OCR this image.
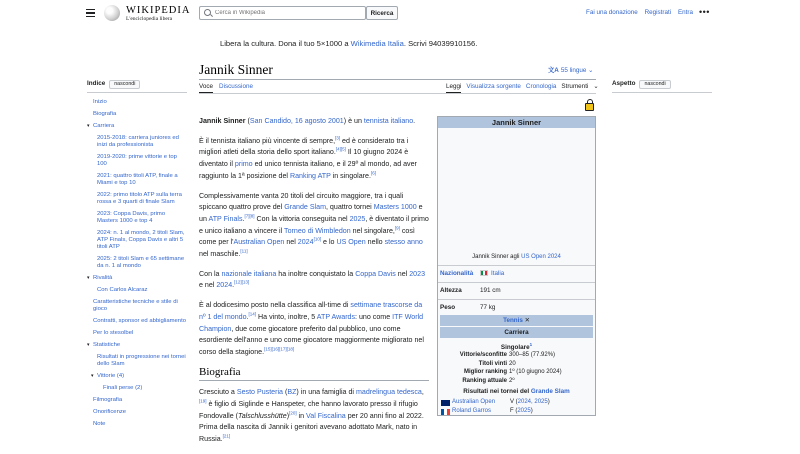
WIKIPEDIA
L'enciclopedia libera
Cerca in Wikipedia
Ricerca	Fai una donazione Registrati Entra •••
Libera la cultura. Dona il tuo 5×1000 a Wikimedia Italia. Scrivi 94039910156.
Indice nascondi
Inizio
Biografia
▾ Carriera
2015-2018: carriera juniores ed inizi da professionista
2019-2020: prime vittorie e top 100
2021: quattro titoli ATP, finale a Miami e top 10
2022: primo titolo ATP sulla terra rossa e 3 quarti di finale Slam
2023: Coppa Davis, primo Masters 1000 e top 4
2024: n. 1 al mondo, 2 titoli Slam, ATP Finals, Coppa Davis e altri 5 titoli ATP
2025: 2 titoli Slam e 65 settimane da n. 1 al mondo
▾ Rivalità
Con Carlos Alcaraz
Caratteristiche tecniche e stile di gioco
Contratti, sponsor ed abbigliamento
Per lo stesolbel
▾ Statistiche
Risultati in progressione nei tornei dello Slam
▾ Vittorie (4)
Finali perse (2)
Filmografia
Onorificenze
Note
Aspetto nascondi
Jannik Sinner	文A 55 lingue ⌄
Voce Discussione	Leggi Visualizza sorgente Cronologia Strumenti ⌄

Jannik Sinner (San Candido, 16 agosto 2001) è un tennista italiano.

È il tennista italiano più vincente di sempre,[3] ed è considerato tra i migliori atleti della storia dello sport italiano.[4][5] Il 10 giugno 2024 è diventato il primo ed unico tennista italiano, e il 29º al mondo, ad aver raggiunto la 1ª posizione del Ranking ATP in singolare.[6]

Complessivamente vanta 20 titoli del circuito maggiore, tra i quali spiccano quattro prove del Grande Slam, quattro tornei Masters 1000 e un ATP Finals.[7][8] Con la vittoria conseguita nel 2025, è diventato il primo e unico italiano a vincere il Torneo di Wimbledon nel singolare,[9] così come per l'Australian Open nel 2024[10] e lo US Open nello stesso anno nel maschile.[11]

Con la nazionale italiana ha inoltre conquistato la Coppa Davis nel 2023 e nel 2024.[12][13]

È al dodicesimo posto nella classifica all-time di settimane trascorse da nº 1 del mondo.[14] Ha vinto, inoltre, 5 ATP Awards: uno come ITF World Champion, due come giocatore preferito dal pubblico, uno come esordiente dell'anno e uno come giocatore maggiormente migliorato nel corso della stagione.[15][16][17][18]

Biografia

Cresciuto a Sesto Pusteria (BZ) in una famiglia di madrelingua tedesca,[19] è figlio di Siglinde e Hanspeter, che hanno lavorato presso il rifugio Fondovalle (Talschlusshütte)[20] in Val Fiscalina per 20 anni fino al 2022. Prima della nascita di Jannik i genitori avevano adottato Mark, nato in Russia.[21]

Jannik Sinner
Jannik Sinner agli US Open 2024
Nazionalità	Italia
Altezza	191 cm
Peso	77 kg
Tennis ✕
Carriera
Singolare$^1$
Vittorie/sconfitte 300–85 (77.92%)
Titoli vinti 20
Miglior ranking 1º (10 giugno 2024)
Ranking attuale 2º
Risultati nei tornei del Grande Slam
Australian Open V (2024, 2025)
Roland Garros	F (2025)
